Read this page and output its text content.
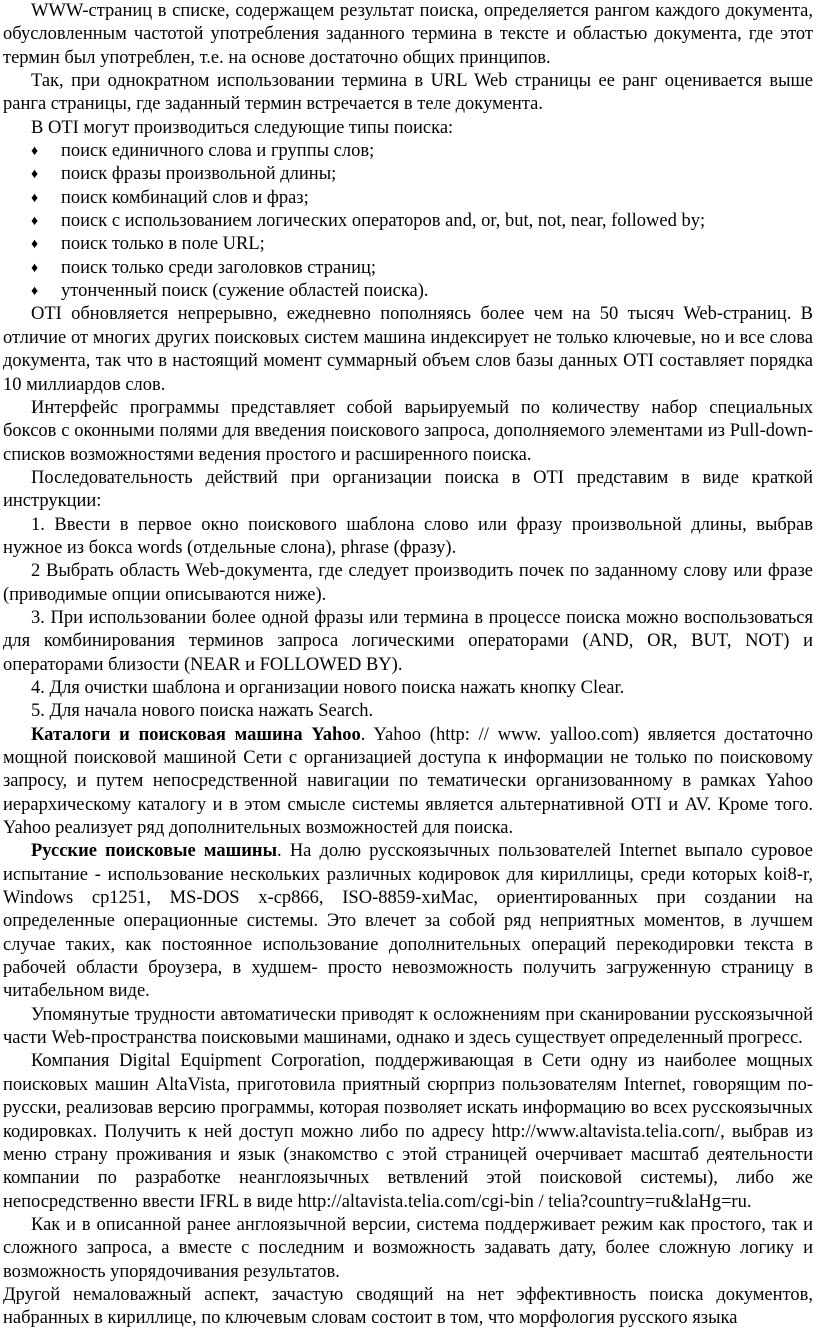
WWW-страниц в списке, содержащем результат поиска, определяется рангом каждого документа, обусловленным частотой употребления заданного термина в тексте и областью документа, где этот термин был употреблен, т.е. на основе достаточно общих принципов.

Так, при однократном использовании термина в URL Web страницы ее ранг оценивается выше ранга страницы, где заданный термин встречается в теле документа.

В OTI могут производиться следующие типы поиска:

♦ поиск единичного слова и группы слов;
♦ поиск фразы произвольной длины;
♦ поиск комбинаций слов и фраз;
♦ поиск с использованием логических операторов and, or, but, not, near, followed by;
♦ поиск только в поле URL;
♦ поиск только среди заголовков страниц;
♦ утонченный поиск (сужение областей поиска).

OTI обновляется непрерывно, ежедневно пополняясь более чем на 50 тысяч Web-страниц. В отличие от многих других поисковых систем машина индексирует не только ключевые, но и все слова документа, так что в настоящий момент суммарный объем слов базы данных OTI составляет порядка 10 миллиардов слов.

Интерфейс программы представляет собой варьируемый по количеству набор специальных боксов с оконными полями для введения поискового запроса, дополняемого элементами из Pull-down-списков возможностями ведения простого и расширенного поиска.

Последовательность действий при организации поиска в OTI представим в виде краткой инструкции:

1. Ввести в первое окно поискового шаблона слово или фразу произвольной длины, выбрав нужное из бокса words (отдельные слона), phrase (фразу).

2 Выбрать область Web-документа, где следует производить почек по заданному слову или фразе (приводимые опции описываются ниже).

3. При использовании более одной фразы или термина в процессе поиска можно воспользоваться для комбинирования терминов запроса логическими операторами (AND, OR, BUT, NOT) и операторами близости (NEAR и FOLLOWED BY).

4. Для очистки шаблона и организации нового поиска нажать кнопку Clear.

5. Для начала нового поиска нажать Search.

Каталоги и поисковая машина Yahoo. Yahoo (http: // www. yalloo.com) является достаточно мощной поисковой машиной Сети с организацией доступа к информации не только по поисковому запросу, и путем непосредственной навигации по тематически организованному в рамках Yahoo иерархическому каталогу и в этом смысле системы является альтернативной OTI и AV. Кроме того. Yahoo реализует ряд дополнительных возможностей для поиска.

Русские поисковые машины. На долю русскоязычных пользователей Internet выпало суровое испытание - использование нескольких различных кодировок для кириллицы, среди которых koi8-r, Windows cp1251, MS-DOS x-cp866, ISO-8859-хиMac, ориентированных при создании на определенные операционные системы. Это влечет за собой ряд неприятных моментов, в лучшем случае таких, как постоянное использование дополнительных операций перекодировки текста в рабочей области броузера, в худшем- просто невозможность получить загруженную страницу в читабельном виде.

Упомянутые трудности автоматически приводят к осложнениям при сканировании русскоязычной части Web-пространства поисковыми машинами, однако и здесь существует определенный прогресс.

Компания Digital Equipment Corporation, поддерживающая в Сети одну из наиболее мощных поисковых машин AltaVista, приготовила приятный сюрприз пользователям Internet, говорящим по-русски, реализовав версию программы, которая позволяет искать информацию во всех русскоязычных кодировках. Получить к ней доступ можно либо по адресу http://www.altavista.telia.corn/, выбрав из меню страну проживания и язык (знакомство с этой страницей очерчивает масштаб деятельности компании по разработке неанглоязычных ветвлений этой поисковой системы), либо же непосредственно ввести IFRL в виде http://altavista.telia.com/cgi-bin / telia?country=ru&laHg=ru.

Как и в описанной ранее англоязычной версии, система поддерживает режим как простого, так и сложного запроса, а вместе с последним и возможность задавать дату, более сложную логику и возможность упорядочивания результатов.

Другой немаловажный аспект, зачастую сводящий на нет эффективность поиска документов, набранных в кириллице, по ключевым словам состоит в том, что морфология русского языка
